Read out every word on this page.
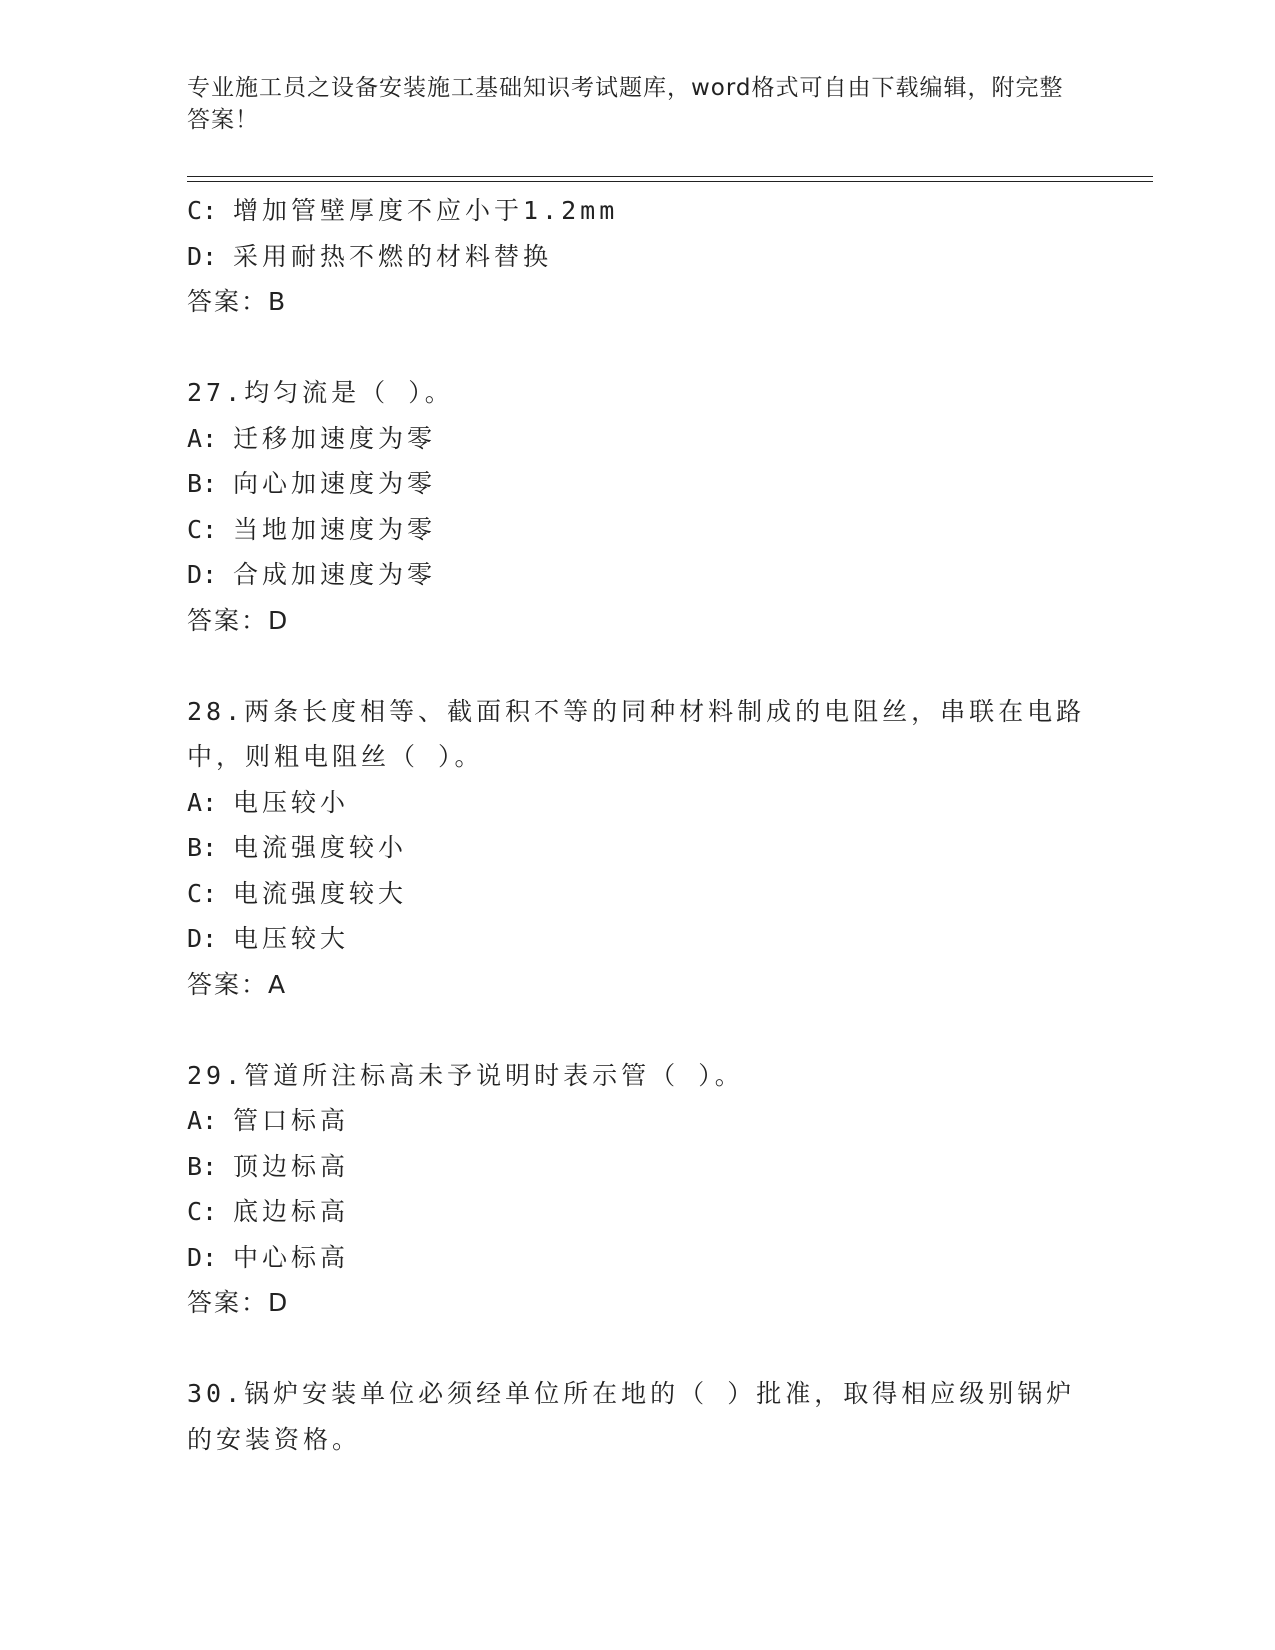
专业施工员之设备安装施工基础知识考试题库，word格式可自由下载编辑，附完整答案！
C: 增加管壁厚度不应小于1.2mm
D: 采用耐热不燃的材料替换
答案：B
27.均匀流是（ ）。
A: 迁移加速度为零
B: 向心加速度为零
C: 当地加速度为零
D: 合成加速度为零
答案：D
28.两条长度相等、截面积不等的同种材料制成的电阻丝，串联在电路
中，则粗电阻丝（ ）。
A: 电压较小
B: 电流强度较小
C: 电流强度较大
D: 电压较大
答案：A
29.管道所注标高未予说明时表示管（ ）。
A: 管口标高
B: 顶边标高
C: 底边标高
D: 中心标高
答案：D
30.锅炉安装单位必须经单位所在地的（ ）批准，取得相应级别锅炉
的安装资格。
